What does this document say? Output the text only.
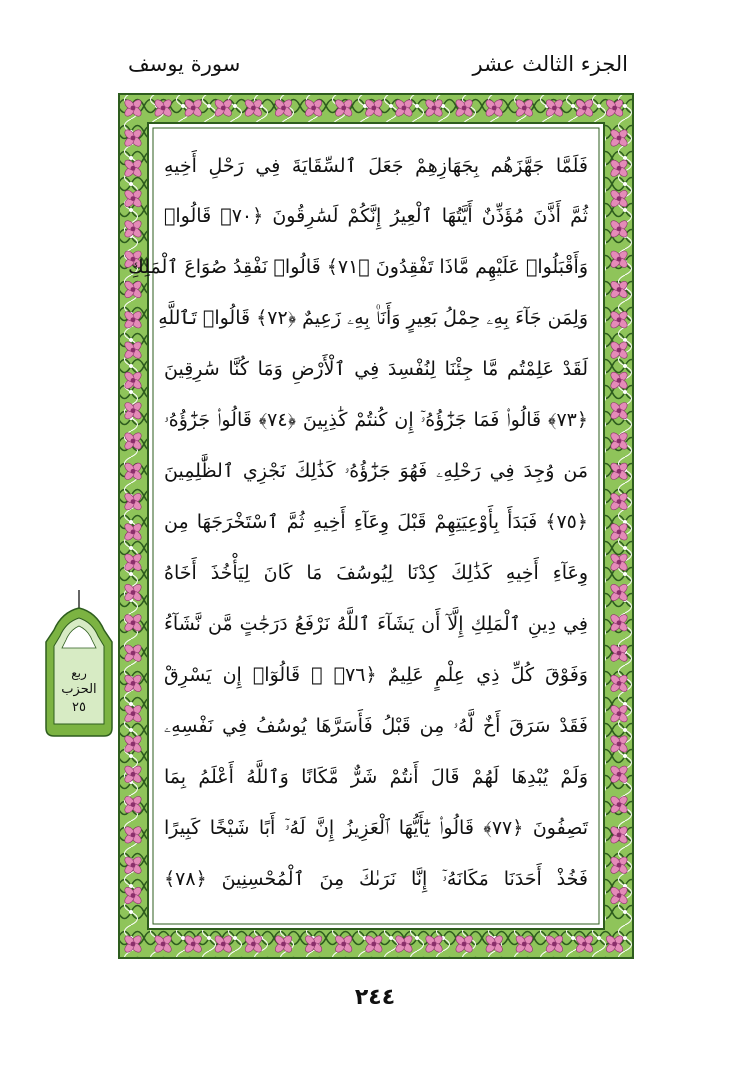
الجزء الثالث عشر
سورة يوسف
فَلَمَّا جَهَّزَهُم بِجَهَازِهِمْ جَعَلَ ٱلسِّقَايَةَ فِي رَحْلِ أَخِيهِ
ثُمَّ أَذَّنَ مُؤَذِّنٌ أَيَّتُهَا ٱلْعِيرُ إِنَّكُمْ لَسَٰرِقُونَ ﴿٧٠﴾ قَالُوا۟
وَأَقْبَلُوا۟ عَلَيْهِم مَّاذَا تَفْقِدُونَ ﴿٧١﴾ قَالُوا۟ نَفْقِدُ صُوَاعَ ٱلْمَلِكِ
وَلِمَن جَآءَ بِهِۦ حِمْلُ بَعِيرٍ وَأَنَا۠ بِهِۦ زَعِيمٌ ﴿٧٢﴾ قَالُوا۟ تَٱللَّهِ
لَقَدْ عَلِمْتُم مَّا جِئْنَا لِنُفْسِدَ فِي ٱلْأَرْضِ وَمَا كُنَّا سَٰرِقِينَ
﴿٧٣﴾ قَالُوا۟ فَمَا جَزَٰٓؤُهُۥٓ إِن كُنتُمْ كَٰذِبِينَ ﴿٧٤﴾ قَالُوا۟ جَزَٰٓؤُهُۥ
مَن وُجِدَ فِي رَحْلِهِۦ فَهُوَ جَزَٰٓؤُهُۥ كَذَٰلِكَ نَجْزِي ٱلظَّٰلِمِينَ
﴿٧٥﴾ فَبَدَأَ بِأَوْعِيَتِهِمْ قَبْلَ وِعَآءِ أَخِيهِ ثُمَّ ٱسْتَخْرَجَهَا مِن
وِعَآءِ أَخِيهِ كَذَٰلِكَ كِدْنَا لِيُوسُفَ مَا كَانَ لِيَأْخُذَ أَخَاهُ
فِي دِينِ ٱلْمَلِكِ إِلَّآ أَن يَشَآءَ ٱللَّهُ نَرْفَعُ دَرَجَٰتٍ مَّن نَّشَآءُ
وَفَوْقَ كُلِّ ذِي عِلْمٍ عَلِيمٌ ﴿٧٦﴾ ۞ قَالُوٓا۟ إِن يَسْرِقْ
فَقَدْ سَرَقَ أَخٌ لَّهُۥ مِن قَبْلُ فَأَسَرَّهَا يُوسُفُ فِي نَفْسِهِۦ
وَلَمْ يُبْدِهَا لَهُمْ قَالَ أَنتُمْ شَرٌّ مَّكَانًا وَٱللَّهُ أَعْلَمُ بِمَا
تَصِفُونَ ﴿٧٧﴾ قَالُوا۟ يَٰٓأَيُّهَا ٱلْعَزِيزُ إِنَّ لَهُۥٓ أَبًا شَيْخًا كَبِيرًا
فَخُذْ أَحَدَنَا مَكَانَهُۥٓ إِنَّا نَرَىٰكَ مِنَ ٱلْمُحْسِنِينَ ﴿٧٨﴾
ربع
الحزب
٢٥
٢٤٤
